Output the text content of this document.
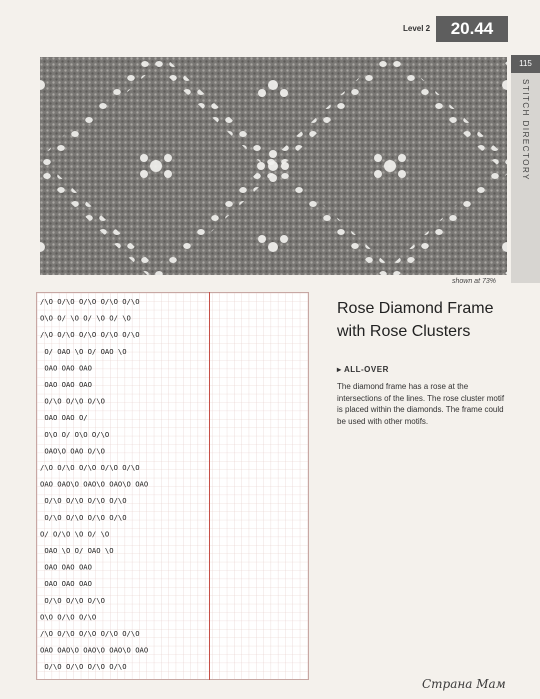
Level 2	20.44
115
STITCH DIRECTORY
shown at 73%
/\O O/\O O/\O O/\O O/\O O\O O/ \O O/ \O O/ \O /\O O/\O O/\O O/\O O/\O O/ OAO \O O/ OAO \O OAO OAO OAO OAO OAO OAO O/\O O/\O O/\O OAO OAO O/ O\O O/ O\O O/\O OAO\O OAO O/\O /\O O/\O O/\O O/\O O/\O OAO OAO\O OAO\O OAO\O OAO O/\O O/\O O/\O O/\O O/\O O/\O O/\O O/\O O/ O/\O \O O/ \O OAO \O O/ OAO \O OAO OAO OAO OAO OAO OAO O/\O O/\O O/\O O\O O/\O O/\O /\O O/\O O/\O O/\O O/\O OAO OAO\O OAO\O OAO\O OAO O/\O O/\O O/\O O/\O
Rose Diamond Frame with Rose Clusters
▸ ALL-OVER
The diamond frame has a rose at the intersections of the lines. The rose cluster motif is placed within the diamonds. The frame could be used with other motifs.
Страна Мам
